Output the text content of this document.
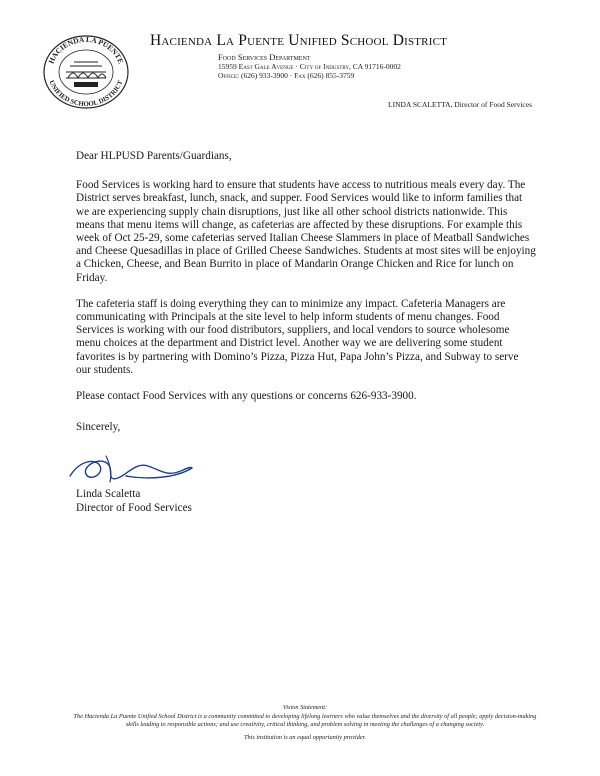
HACIENDA LA PUENTE
UNIFIED SCHOOL DISTRICT
Hacienda La Puente Unified School District
Food Services Department
15959 East Gale Avenue · City of Industry, CA 91716-0002
Office: (626) 933-3900 · Fax (626) 855-3759
LINDA SCALETTA, Director of Food Services

Dear HLPUSD Parents/Guardians,

Food Services is working hard to ensure that students have access to nutritious meals every day. The District serves breakfast, lunch, snack, and supper. Food Services would like to inform families that we are experiencing supply chain disruptions, just like all other school districts nationwide. This means that menu items will change, as cafeterias are affected by these disruptions. For example this week of Oct 25-29, some cafeterias served Italian Cheese Slammers in place of Meatball Sandwiches and Cheese Quesadillas in place of Grilled Cheese Sandwiches. Students at most sites will be enjoying a Chicken, Cheese, and Bean Burrito in place of Mandarin Orange Chicken and Rice for lunch on Friday.

The cafeteria staff is doing everything they can to minimize any impact. Cafeteria Managers are communicating with Principals at the site level to help inform students of menu changes. Food Services is working with our food distributors, suppliers, and local vendors to source wholesome menu choices at the department and District level. Another way we are delivering some student favorites is by partnering with Domino’s Pizza, Pizza Hut, Papa John’s Pizza, and Subway to serve our students.

Please contact Food Services with any questions or concerns 626-933-3900.

Sincerely,

Linda Scaletta
Director of Food Services
Vision Statement:
The Hacienda La Puente Unified School District is a community committed to developing lifelong learners who value themselves and the diversity of all people; apply decision-making skills leading to responsible actions; and use creativity, critical thinking, and problem solving in meeting the challenges of a changing society.
This institution is an equal opportunity provider.
